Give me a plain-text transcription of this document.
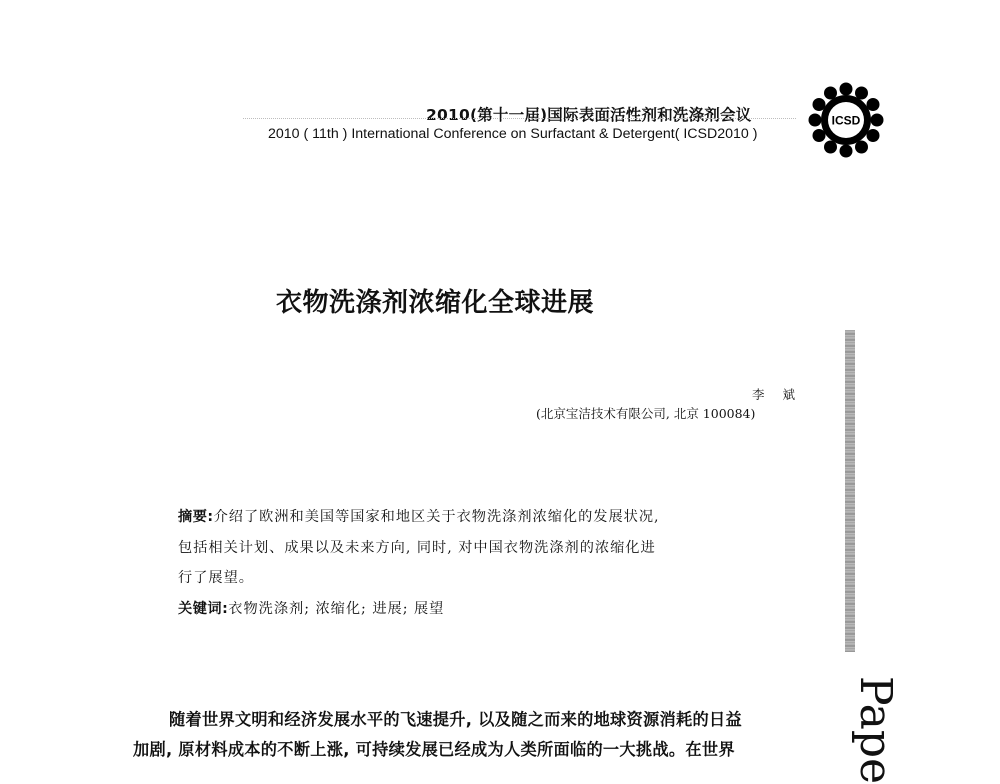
2010(第十一届)国际表面活性剂和洗涤剂会议
2010 ( 11th ) International Conference on Surfactant & Detergent( ICSD2010 )
ICSD
衣物洗涤剂浓缩化全球进展
李 斌
(北京宝洁技术有限公司, 北京 100084)
摘要:介绍了欧洲和美国等国家和地区关于衣物洗涤剂浓缩化的发展状况,
包括相关计划、成果以及未来方向, 同时, 对中国衣物洗涤剂的浓缩化进
行了展望。
关键词:衣物洗涤剂; 浓缩化; 进展; 展望
随着世界文明和经济发展水平的飞速提升, 以及随之而来的地球资源消耗的日益
加剧, 原材料成本的不断上涨, 可持续发展已经成为人类所面临的一大挑战。在世界	Pape
